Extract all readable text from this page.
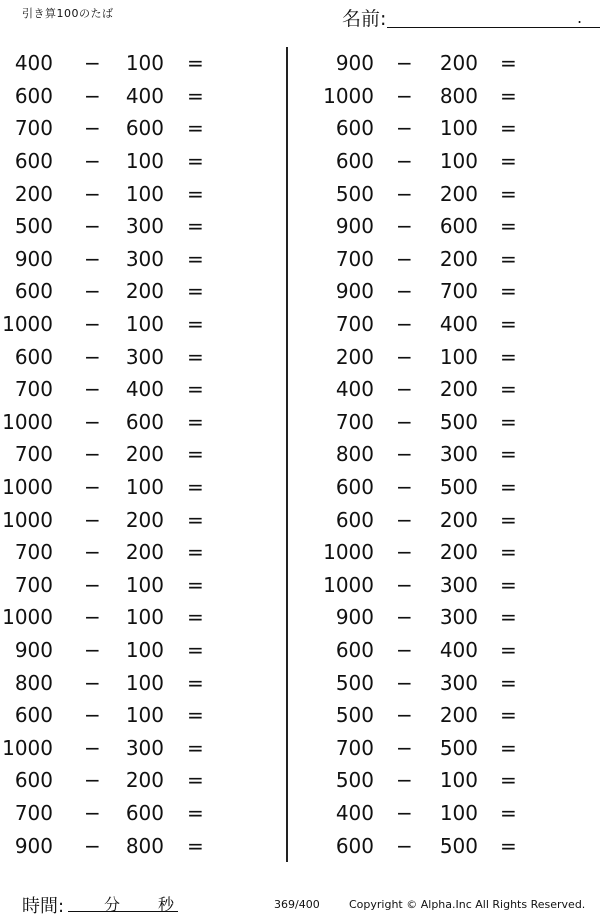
引き算100のたば	名前:	.
400 −	100 =
600 −	400 =
700 −	600 =
600 −	100 =
200 −	100 =
500 −	300 =
900 −	300 =
600 −	200 =
1000 −	100 =
600 −	300 =
700 −	400 =
1000 −	600 =
700 −	200 =
1000 −	100 =
1000 −	200 =
700 −	200 =
700 −	100 =
1000 −	100 =
900 −	100 =
800 −	100 =
600 −	100 =
1000 −	300 =
600 −	200 =
700 −	600 =
900 −	800 =
900 −	200 =
1000 −	800 =
600 −	100 =
600 −	100 =
500 −	200 =
900 −	600 =
700 −	200 =
900 −	700 =
700 −	400 =
200 −	100 =
400 −	200 =
700 −	500 =
800 −	300 =
600 −	500 =
600 −	200 =
1000 −	200 =
1000 −	300 =
900 −	300 =
600 −	400 =
500 −	300 =
500 −	200 =
700 −	500 =
500 −	100 =
400 −	100 =
600 −	500 =
時間: 分 秒	369/400	Copyright © Alpha.Inc All Rights Reserved.
